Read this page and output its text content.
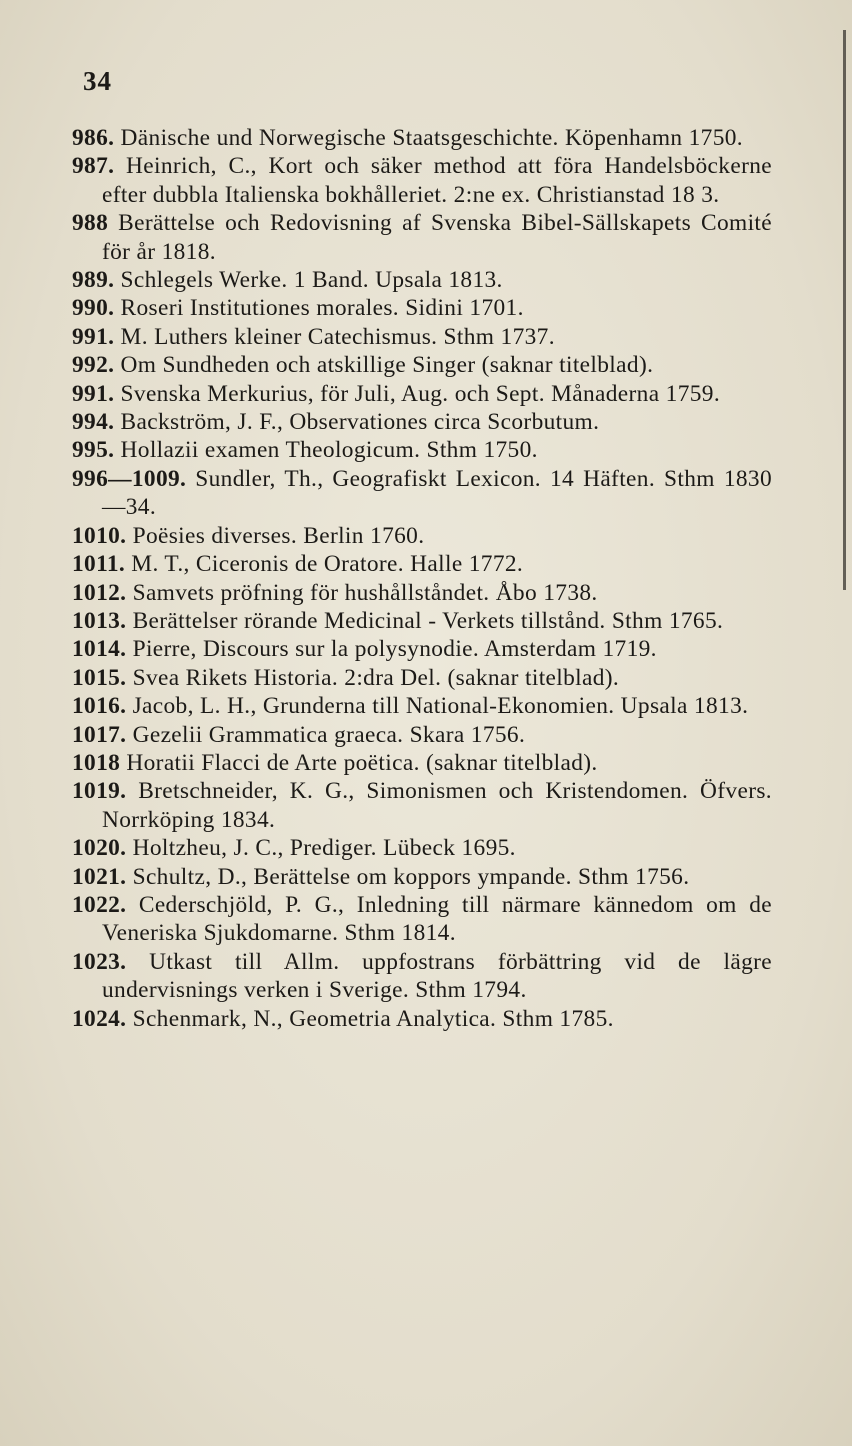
34

986. Dänische und Norwegische Staatsgeschichte. Köpenhamn 1750.

987. Heinrich, C., Kort och säker method att föra Handelsböckerne efter dubbla Italienska bokhålleriet. 2:ne ex. Christianstad 18 3.

988 Berättelse och Redovisning af Svenska Bibel-Sällskapets Comité för år 1818.

989. Schlegels Werke. 1 Band. Upsala 1813.

990. Roseri Institutiones morales. Sidini 1701.

991. M. Luthers kleiner Catechismus. Sthm 1737.

992. Om Sundheden och atskillige Singer (saknar titelblad).

991. Svenska Merkurius, för Juli, Aug. och Sept. Månaderna 1759.

994. Backström, J. F., Observationes circa Scorbutum.

995. Hollazii examen Theologicum. Sthm 1750.

996—1009. Sundler, Th., Geografiskt Lexicon. 14 Häften. Sthm 1830—34.

1010. Poësies diverses. Berlin 1760.

1011. M. T., Ciceronis de Oratore. Halle 1772.

1012. Samvets pröfning för hushållståndet. Åbo 1738.

1013. Berättelser rörande Medicinal - Verkets tillstånd. Sthm 1765.

1014. Pierre, Discours sur la polysynodie. Amsterdam 1719.

1015. Svea Rikets Historia. 2:dra Del. (saknar titelblad).

1016. Jacob, L. H., Grunderna till National-Ekonomien. Upsala 1813.

1017. Gezelii Grammatica graeca. Skara 1756.

1018 Horatii Flacci de Arte poëtica. (saknar titelblad).

1019. Bretschneider, K. G., Simonismen och Kristendomen. Öfvers. Norrköping 1834.

1020. Holtzheu, J. C., Prediger. Lübeck 1695.

1021. Schultz, D., Berättelse om koppors ympande. Sthm 1756.

1022. Cederschjöld, P. G., Inledning till närmare kännedom om de Veneriska Sjukdomarne. Sthm 1814.

1023. Utkast till Allm. uppfostrans förbättring vid de lägre undervisnings verken i Sverige. Sthm 1794.

1024. Schenmark, N., Geometria Analytica. Sthm 1785.
